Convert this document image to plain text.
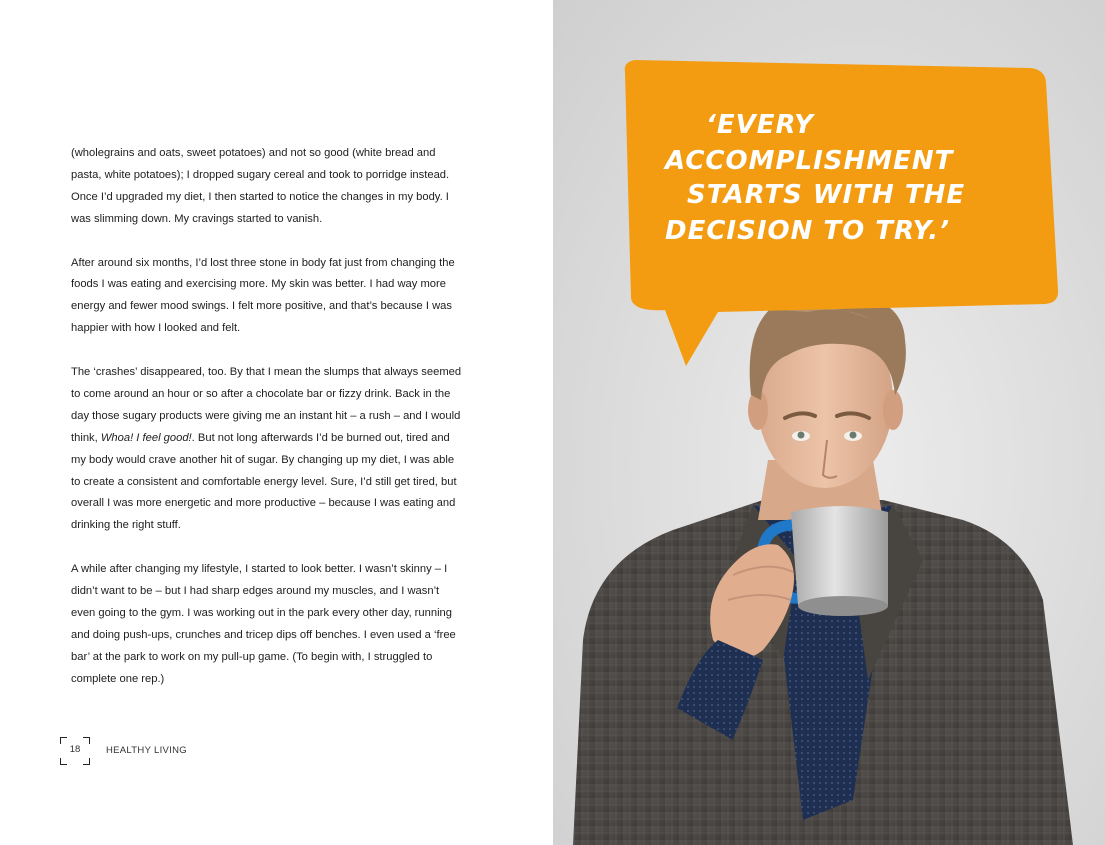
(wholegrains and oats, sweet potatoes) and not so good (white bread and pasta, white potatoes); I dropped sugary cereal and took to porridge instead. Once I’d upgraded my diet, I then started to notice the changes in my body. I was slimming down. My cravings started to vanish.

After around six months, I’d lost three stone in body fat just from changing the foods I was eating and exercising more. My skin was better. I had way more energy and fewer mood swings. I felt more positive, and that’s because I was happier with how I looked and felt.

The ‘crashes’ disappeared, too. By that I mean the slumps that always seemed to come around an hour or so after a chocolate bar or fizzy drink. Back in the day those sugary products were giving me an instant hit – a rush – and I would think, Whoa! I feel good!. But not long afterwards I’d be burned out, tired and my body would crave another hit of sugar. By changing up my diet, I was able to create a consistent and comfortable energy level. Sure, I’d still get tired, but overall I was more energetic and more productive – because I was eating and drinking the right stuff.

A while after changing my lifestyle, I started to look better. I wasn’t skinny – I didn’t want to be – but I had sharp edges around my muscles, and I wasn’t even going to the gym. I was working out in the park every other day, running and doing push-ups, crunches and tricep dips off benches. I even used a ‘free bar’ at the park to work on my pull-up game. (To begin with, I struggled to complete one rep.)

18	HEALTHY LIVING
‘EVERY
ACCOMPLISHMENT
STARTS WITH THE
DECISION TO TRY.’
